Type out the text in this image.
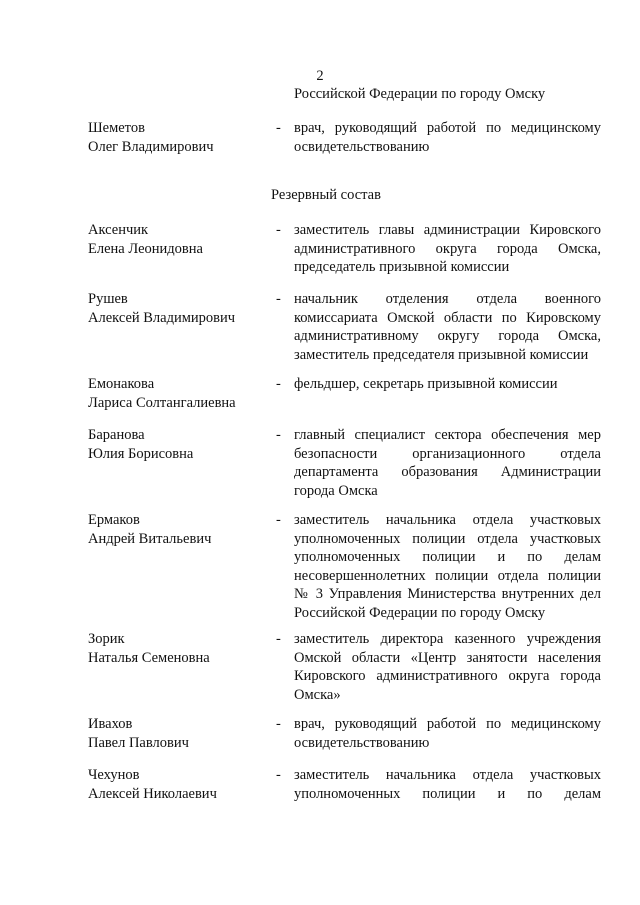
2
Российской Федерации по городу Омску
Шеметов
Олег Владимирович
- врач, руководящий работой по медицинскому
освидетельствованию
Резервный состав
Аксенчик
Елена Леонидовна
- заместитель главы администрации Кировского
административного округа города Омска,
председатель призывной комиссии
Рушев
Алексей Владимирович
- начальник отделения отдела военного
комиссариата Омской области по Кировскому
административному округу города Омска,
заместитель председателя призывной комиссии
Емонакова
Лариса Солтангалиевна
- фельдшер, секретарь призывной комиссии
Баранова
Юлия Борисовна
- главный специалист сектора обеспечения мер
безопасности организационного отдела
департамента образования Администрации
города Омска
Ермаков
Андрей Витальевич
- заместитель начальника отдела участковых
уполномоченных полиции отдела участковых
уполномоченных полиции и по делам
несовершеннолетних полиции отдела полиции
№ 3 Управления Министерства внутренних дел
Российской Федерации по городу Омску
Зорик
Наталья Семеновна
- заместитель директора казенного учреждения
Омской области «Центр занятости населения
Кировского административного округа города
Омска»
Ивахов
Павел Павлович
- врач, руководящий работой по медицинскому
освидетельствованию
Чехунов
Алексей Николаевич
- заместитель начальника отдела участковых
уполномоченных полиции и по делам
